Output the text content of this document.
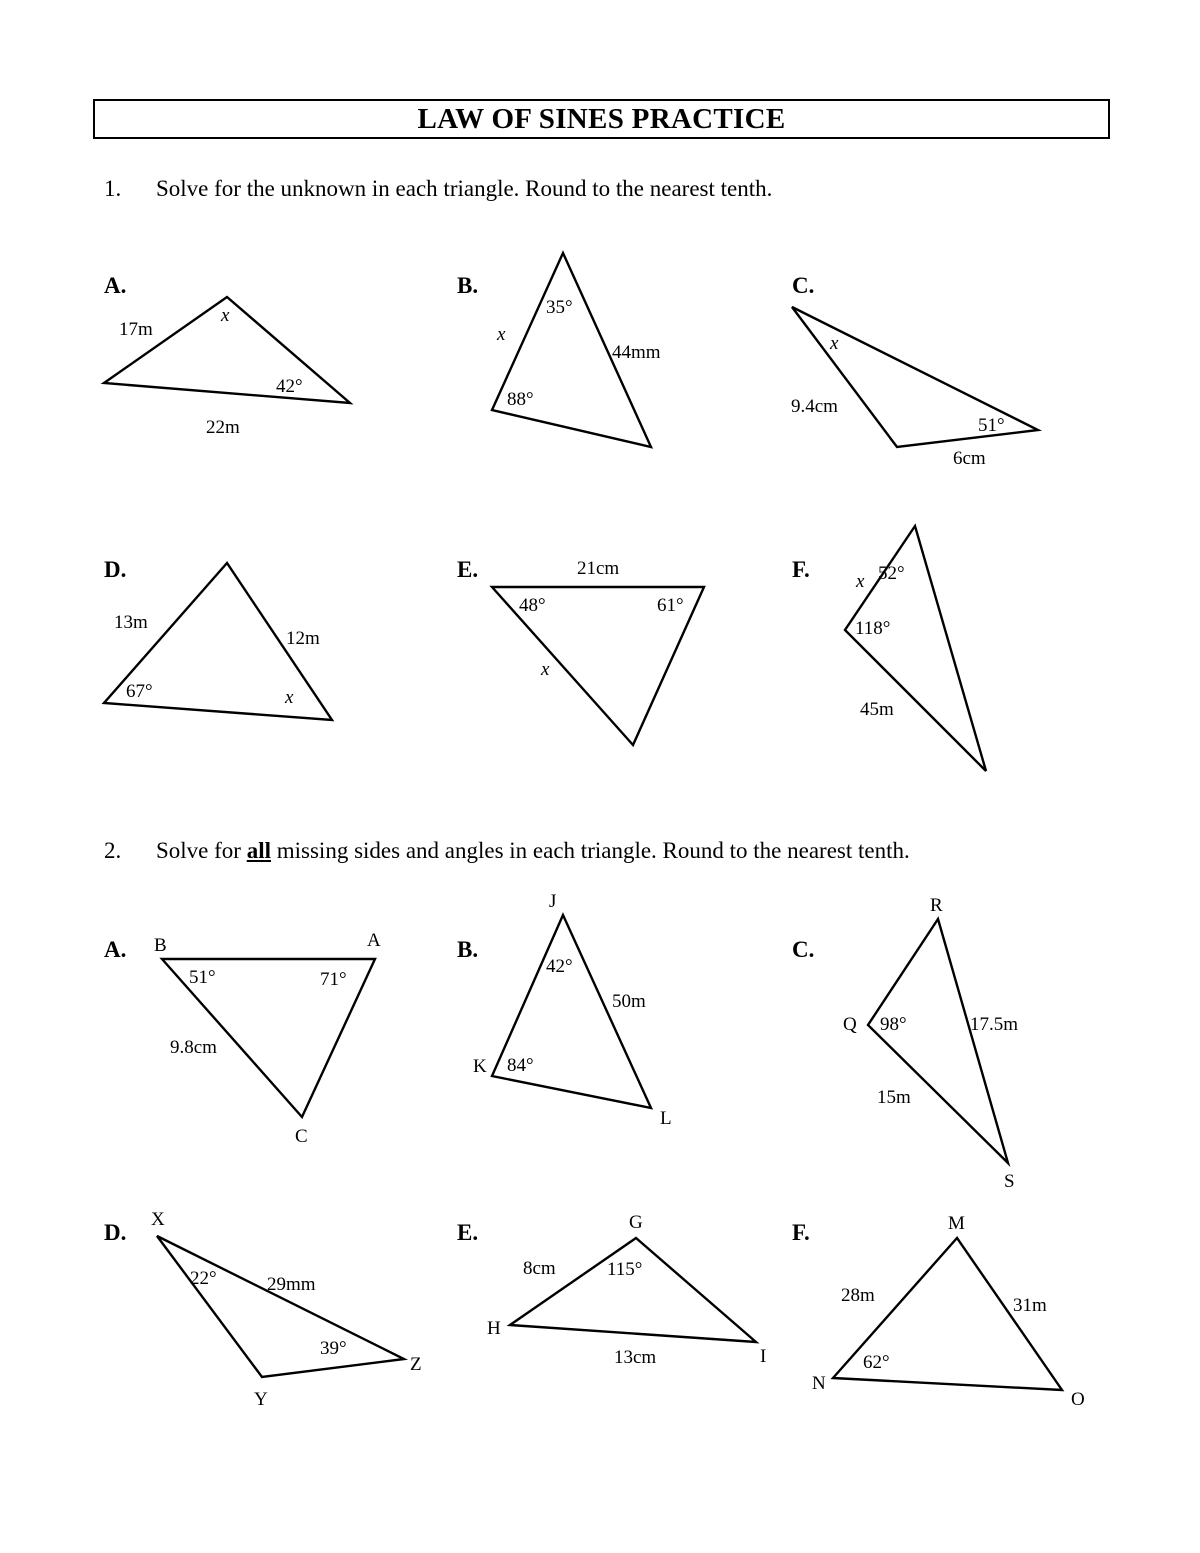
LAW OF SINES PRACTICE
1. Solve for the unknown in each triangle. Round to the nearest tenth.
2. Solve for all missing sides and angles in each triangle. Round to the nearest tenth.
A.
17m
x
42°
22m
B.
35°
x
44mm
88°
C.
x
9.4cm
51°
6cm
D.
13m
12m
67°	x
E.	21cm
48°	61°
x
F. x 52°
118°
45m
A. B	A
C
51°	71°
9.8cm
B.
J
K
L
42°
50m
84°
C.
R
Q
S
98°	17.5m
15m
D.
X
Y
Z
22°	29mm
39°
E.	G
H
I
8cm	115°
13cm
F.	M
N
O
28m	31m
62°
